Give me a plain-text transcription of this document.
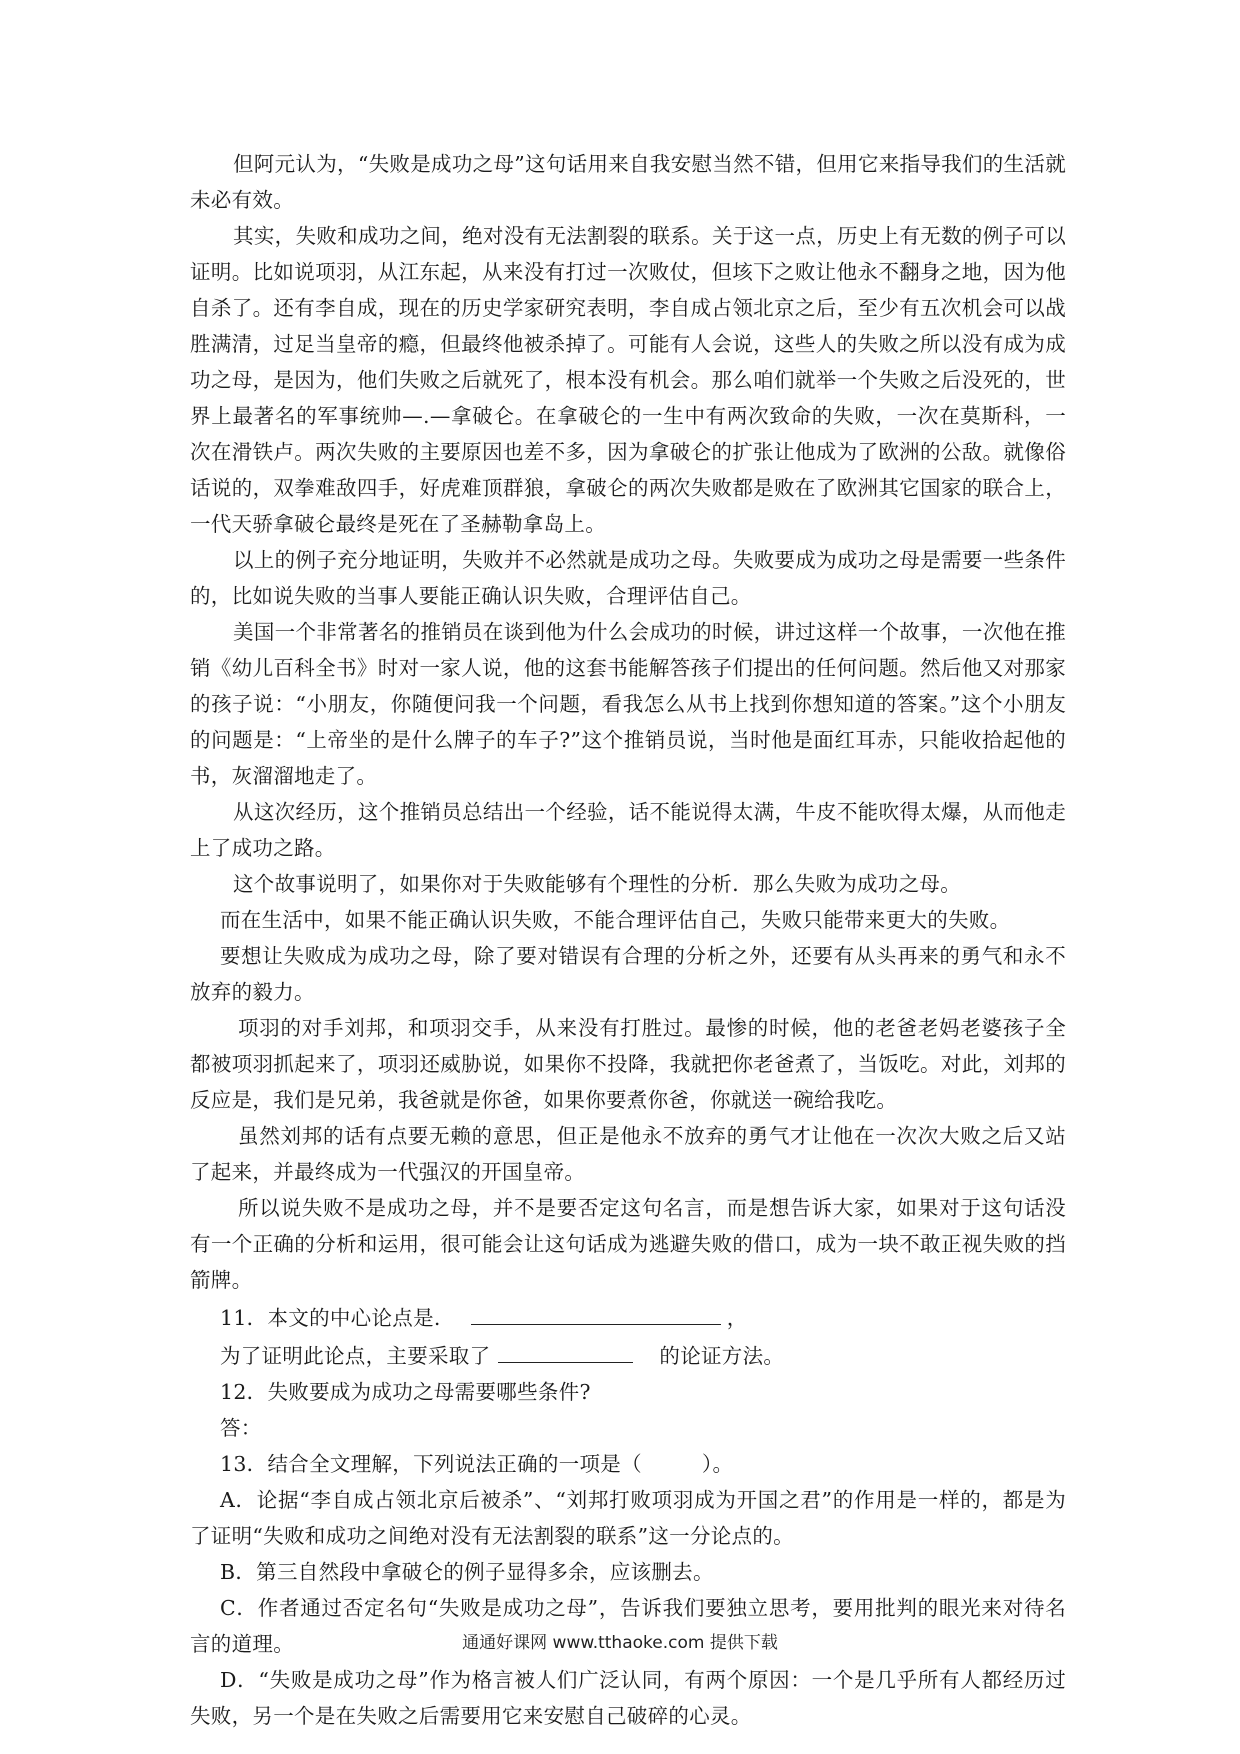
但阿元认为，“失败是成功之母”这句话用来自我安慰当然不错，但用它来指导我们的生活就未必有效。

其实，失败和成功之间，绝对没有无法割裂的联系。关于这一点，历史上有无数的例子可以证明。比如说项羽，从江东起，从来没有打过一次败仗，但垓下之败让他永不翻身之地，因为他自杀了。还有李自成，现在的历史学家研究表明，李自成占领北京之后，至少有五次机会可以战胜满清，过足当皇帝的瘾，但最终他被杀掉了。可能有人会说，这些人的失败之所以没有成为成功之母，是因为，他们失败之后就死了，根本没有机会。那么咱们就举一个失败之后没死的，世界上最著名的军事统帅—.—拿破仑。在拿破仑的一生中有两次致命的失败，一次在莫斯科，一次在滑铁卢。两次失败的主要原因也差不多，因为拿破仑的扩张让他成为了欧洲的公敌。就像俗话说的，双拳难敌四手，好虎难顶群狼，拿破仑的两次失败都是败在了欧洲其它国家的联合上，一代天骄拿破仑最终是死在了圣赫勒拿岛上。

以上的例子充分地证明，失败并不必然就是成功之母。失败要成为成功之母是需要一些条件的，比如说失败的当事人要能正确认识失败，合理评估自己。

美国一个非常著名的推销员在谈到他为什么会成功的时候，讲过这样一个故事，一次他在推销《幼儿百科全书》时对一家人说，他的这套书能解答孩子们提出的任何问题。然后他又对那家的孩子说：“小朋友，你随便问我一个问题，看我怎么从书上找到你想知道的答案。”这个小朋友的问题是：“上帝坐的是什么牌子的车子?”这个推销员说，当时他是面红耳赤，只能收拾起他的书，灰溜溜地走了。

从这次经历，这个推销员总结出一个经验，话不能说得太满，牛皮不能吹得太爆，从而他走上了成功之路。

这个故事说明了，如果你对于失败能够有个理性的分析．那么失败为成功之母。

而在生活中，如果不能正确认识失败，不能合理评估自己，失败只能带来更大的失败。

要想让失败成为成功之母，除了要对错误有合理的分析之外，还要有从头再来的勇气和永不放弃的毅力。

项羽的对手刘邦，和项羽交手，从来没有打胜过。最惨的时候，他的老爸老妈老婆孩子全都被项羽抓起来了，项羽还威胁说，如果你不投降，我就把你老爸煮了，当饭吃。对此，刘邦的反应是，我们是兄弟，我爸就是你爸，如果你要煮你爸，你就送一碗给我吃。

虽然刘邦的话有点要无赖的意思，但正是他永不放弃的勇气才让他在一次次大败之后又站了起来，并最终成为一代强汉的开国皇帝。

所以说失败不是成功之母，并不是要否定这句名言，而是想告诉大家，如果对于这句话没有一个正确的分析和运用，很可能会让这句话成为逃避失败的借口，成为一块不敢正视失败的挡箭牌。

11．本文的中心论点是.	，

为了证明此论点，主要采取了	的论证方法。

12．失败要成为成功之母需要哪些条件?

答：

13．结合全文理解，下列说法正确的一项是（	）。

A．论据“李自成占领北京后被杀”、“刘邦打败项羽成为开国之君”的作用是一样的，都是为了证明“失败和成功之间绝对没有无法割裂的联系”这一分论点的。

B．第三自然段中拿破仑的例子显得多余，应该删去。

C．作者通过否定名句“失败是成功之母”，告诉我们要独立思考，要用批判的眼光来对待名言的道理。

D．“失败是成功之母”作为格言被人们广泛认同，有两个原因：一个是几乎所有人都经历过失败，另一个是在失败之后需要用它来安慰自己破碎的心灵。

通通好课网 www.tthaoke.com 提供下载
